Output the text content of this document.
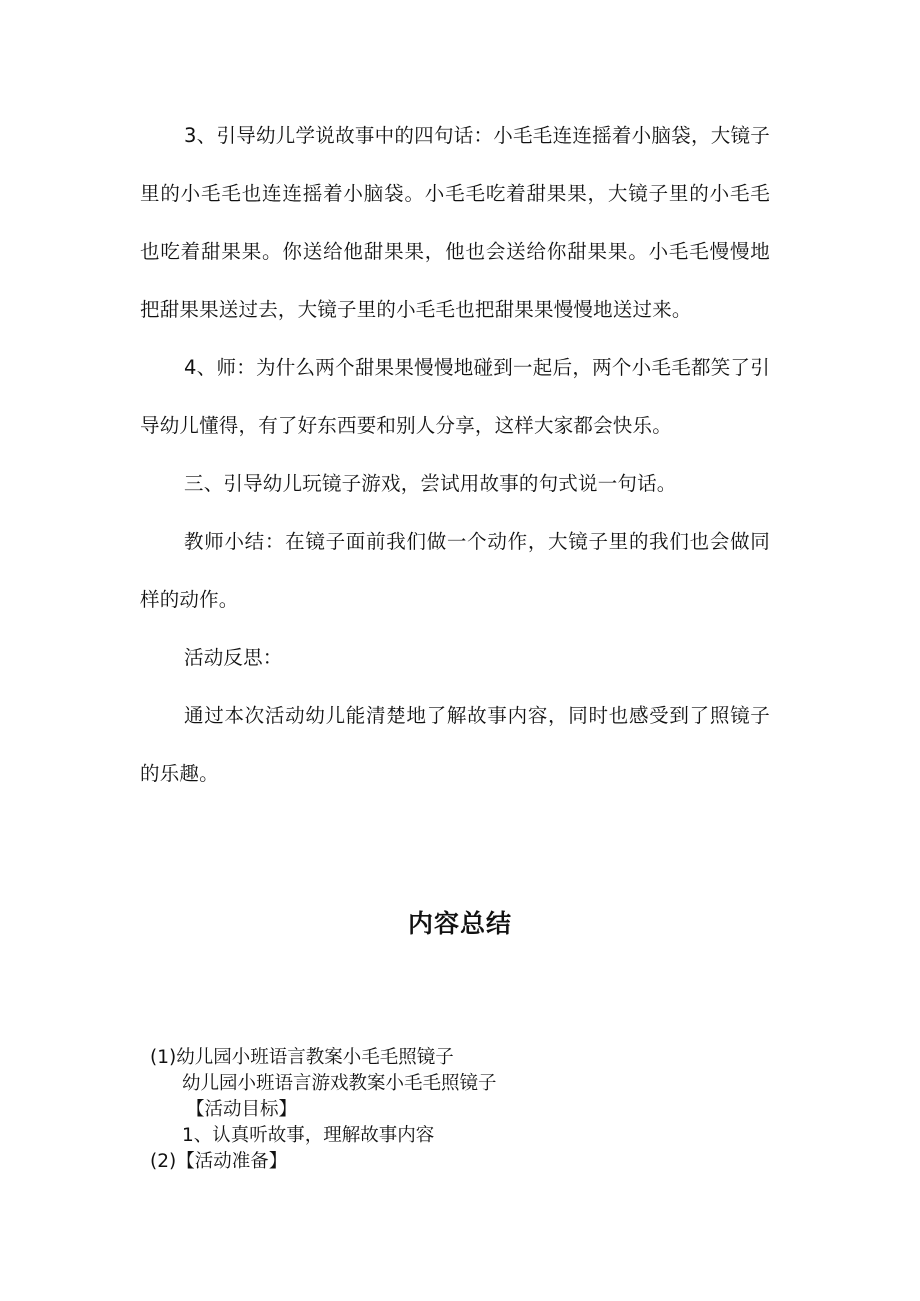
3、引导幼儿学说故事中的四句话：小毛毛连连摇着小脑袋，大镜子里的小毛毛也连连摇着小脑袋。小毛毛吃着甜果果，大镜子里的小毛毛也吃着甜果果。你送给他甜果果，他也会送给你甜果果。小毛毛慢慢地把甜果果送过去，大镜子里的小毛毛也把甜果果慢慢地送过来。

4、师：为什么两个甜果果慢慢地碰到一起后，两个小毛毛都笑了引导幼儿懂得，有了好东西要和别人分享，这样大家都会快乐。

三、引导幼儿玩镜子游戏，尝试用故事的句式说一句话。

教师小结：在镜子面前我们做一个动作，大镜子里的我们也会做同样的动作。

活动反思：

通过本次活动幼儿能清楚地了解故事内容，同时也感受到了照镜子的乐趣。

内容总结

(1)幼儿园小班语言教案小毛毛照镜子

幼儿园小班语言游戏教案小毛毛照镜子

【活动目标】

1、认真听故事，理解故事内容

(2)【活动准备】
